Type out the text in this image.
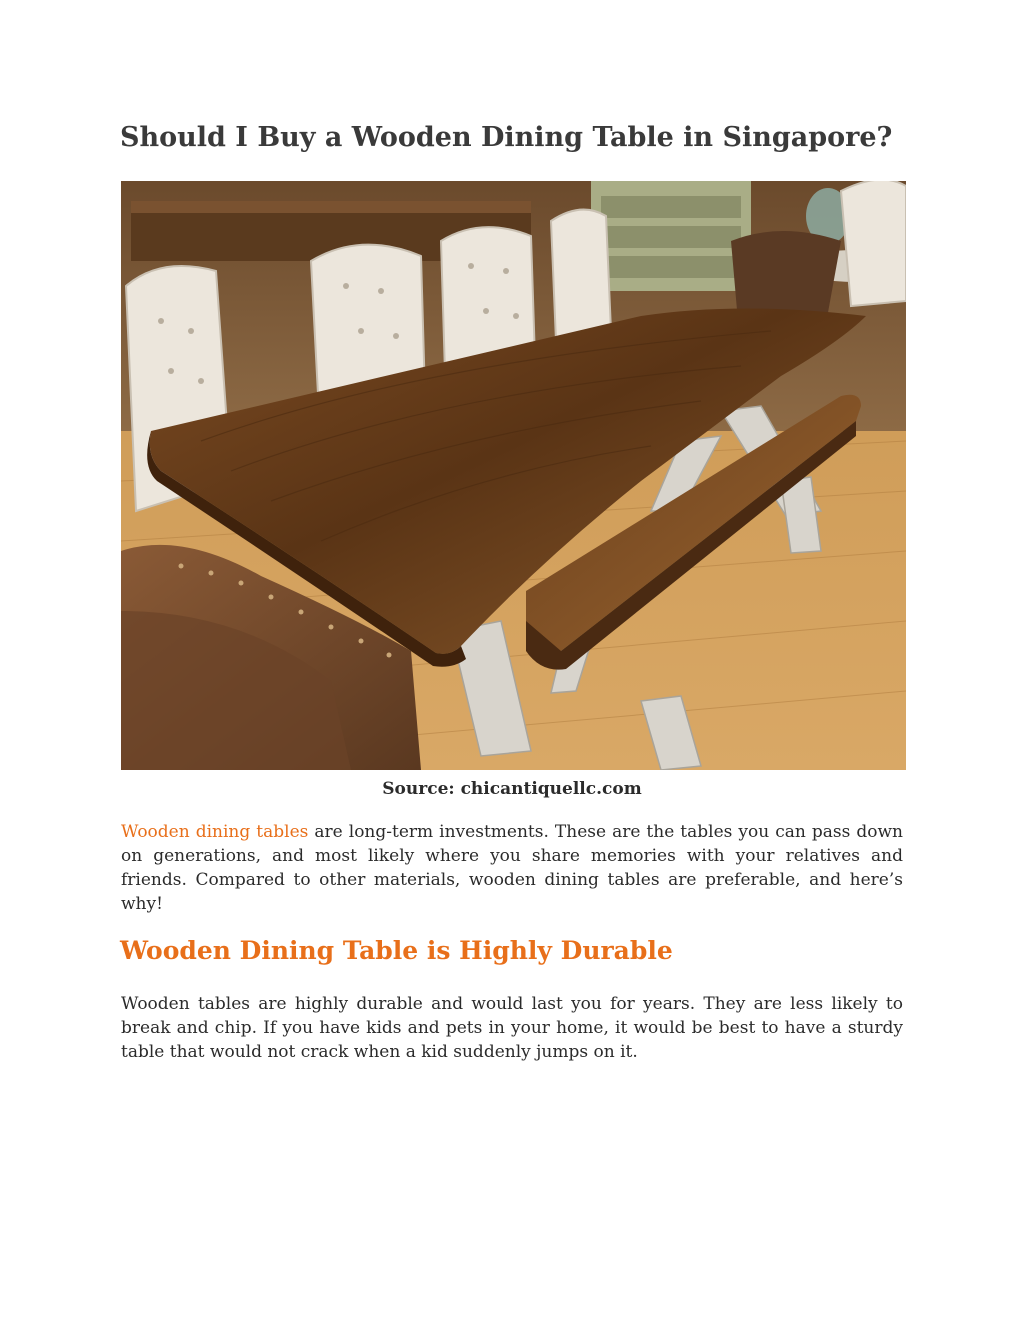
Should I Buy a Wooden Dining Table in Singapore?
Source: chicantiquellc.com

Wooden dining tables are long-term investments. These are the tables you can pass down on generations, and most likely where you share memories with your relatives and friends. Compared to other materials, wooden dining tables are preferable, and here’s why!

Wooden Dining Table is Highly Durable

Wooden tables are highly durable and would last you for years. They are less likely to break and chip. If you have kids and pets in your home, it would be best to have a sturdy table that would not crack when a kid suddenly jumps on it.
